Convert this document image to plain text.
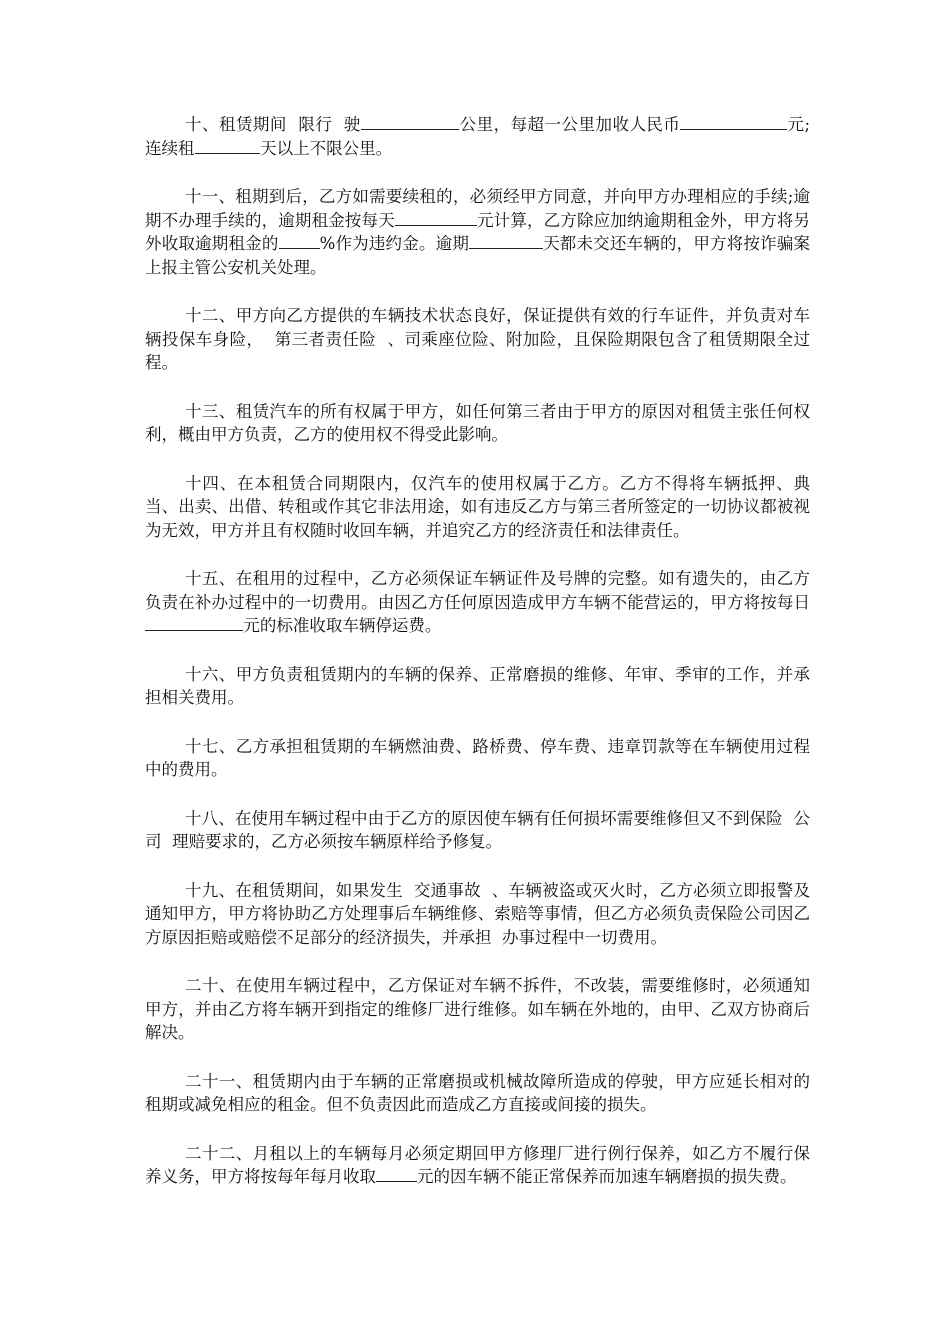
十、租赁期间  限行  驶	公里，每超一公里加收人民币	元;连续租	天以上不限公里。

十一、租期到后，乙方如需要续租的，必须经甲方同意，并向甲方办理相应的手续;逾期不办理手续的，逾期租金按每天	元计算，乙方除应加纳逾期租金外，甲方将另外收取逾期租金的 %作为违约金。逾期	天都未交还车辆的，甲方将按诈骗案上报主管公安机关处理。

十二、甲方向乙方提供的车辆技术状态良好，保证提供有效的行车证件，并负责对车辆投保车身险，  第三者责任险  、司乘座位险、附加险，且保险期限包含了租赁期限全过程。

十三、租赁汽车的所有权属于甲方，如任何第三者由于甲方的原因对租赁主张任何权利，概由甲方负责，乙方的使用权不得受此影响。

十四、在本租赁合同期限内，仅汽车的使用权属于乙方。乙方不得将车辆抵押、典当、出卖、出借、转租或作其它非法用途，如有违反乙方与第三者所签定的一切协议都被视为无效，甲方并且有权随时收回车辆，并追究乙方的经济责任和法律责任。

十五、在租用的过程中，乙方必须保证车辆证件及号牌的完整。如有遗失的，由乙方负责在补办过程中的一切费用。由因乙方任何原因造成甲方车辆不能营运的，甲方将按每日元的标准收取车辆停运费。

十六、甲方负责租赁期内的车辆的保养、正常磨损的维修、年审、季审的工作，并承担相关费用。

十七、乙方承担租赁期的车辆燃油费、路桥费、停车费、违章罚款等在车辆使用过程中的费用。

十八、在使用车辆过程中由于乙方的原因使车辆有任何损坏需要维修但又不到保险  公司  理赔要求的，乙方必须按车辆原样给予修复。

十九、在租赁期间，如果发生  交通事故  、车辆被盗或灭火时，乙方必须立即报警及通知甲方，甲方将协助乙方处理事后车辆维修、索赔等事情，但乙方必须负责保险公司因乙方原因拒赔或赔偿不足部分的经济损失，并承担  办事过程中一切费用。

二十、在使用车辆过程中，乙方保证对车辆不拆件，不改装，需要维修时，必须通知甲方，并由乙方将车辆开到指定的维修厂进行维修。如车辆在外地的，由甲、乙双方协商后解决。

二十一、租赁期内由于车辆的正常磨损或机械故障所造成的停驶，甲方应延长相对的租期或减免相应的租金。但不负责因此而造成乙方直接或间接的损失。

二十二、月租以上的车辆每月必须定期回甲方修理厂进行例行保养，如乙方不履行保养义务，甲方将按每年每月收取 元的因车辆不能正常保养而加速车辆磨损的损失费。
